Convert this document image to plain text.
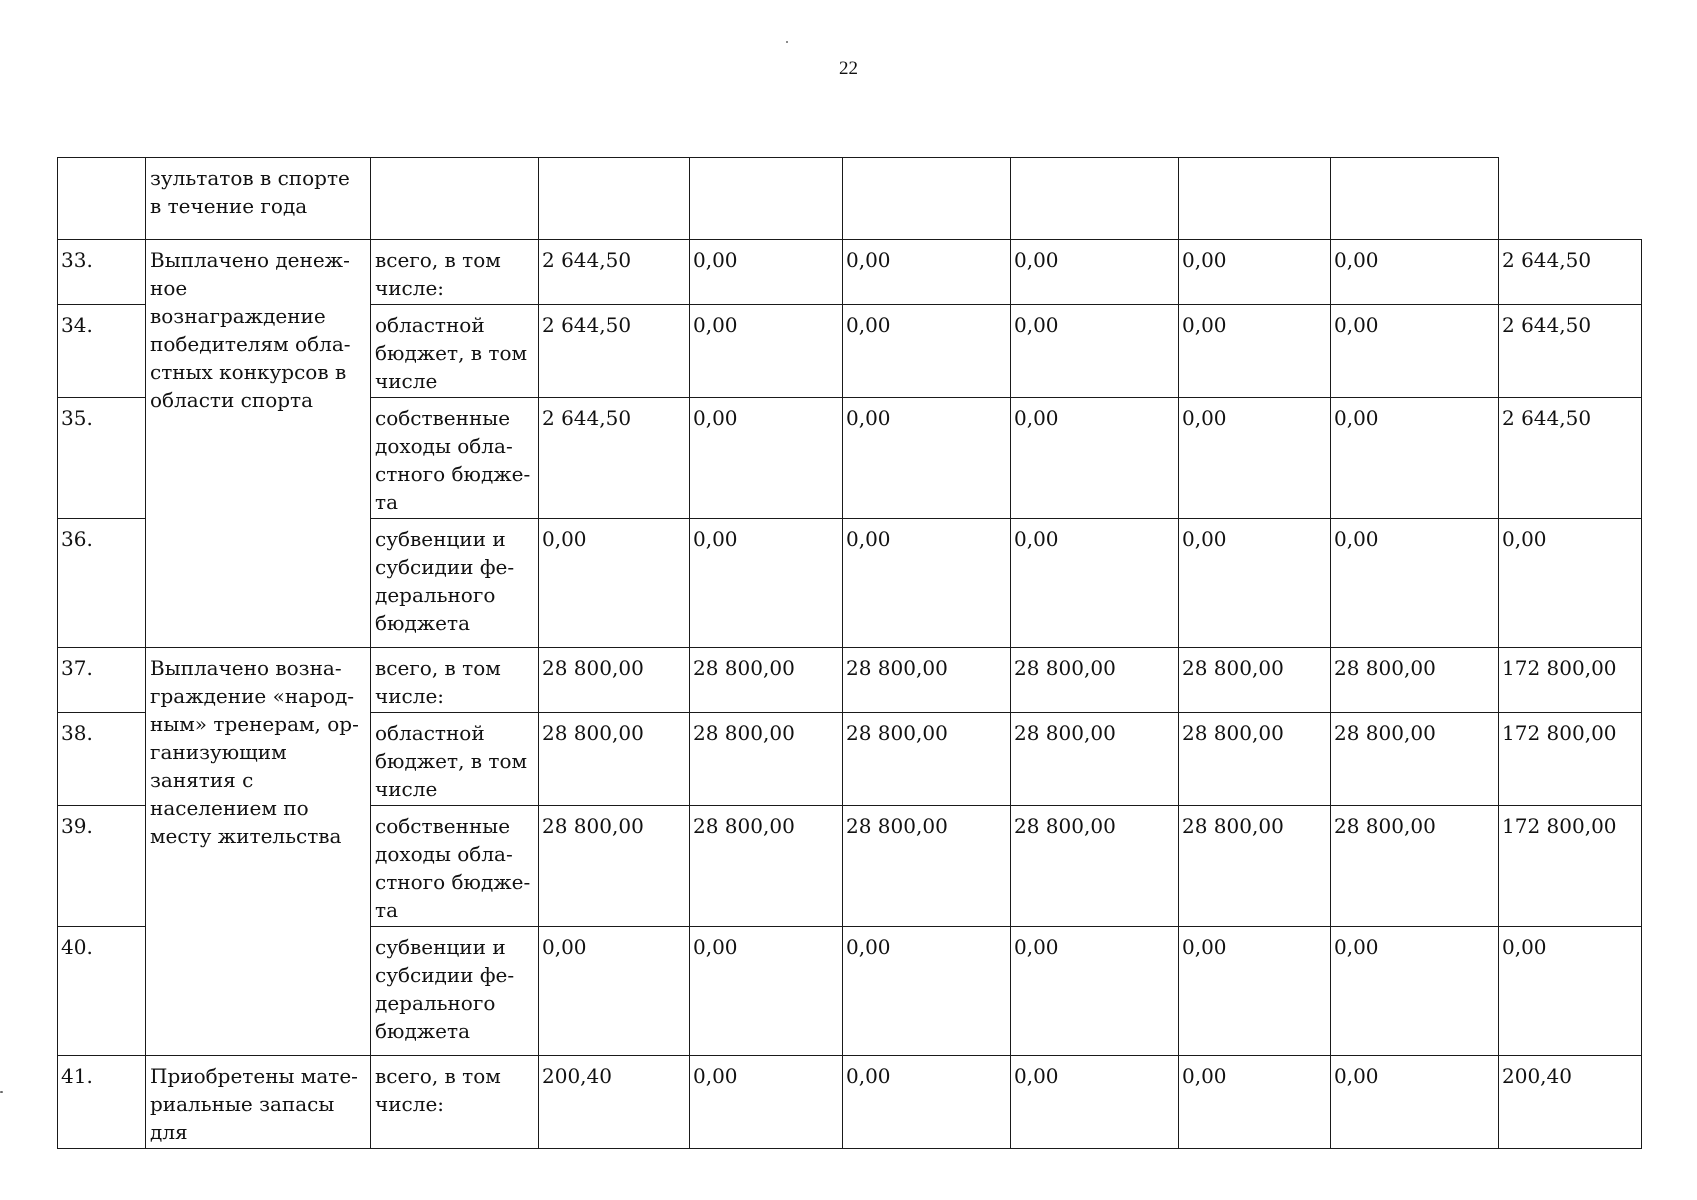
22
	зультатов в спорте в течение года								
33.	Выплачено денеж-ное вознаграждение победителям обла-стных конкурсов в области спорта	всего, в том числе:	2 644,50	0,00	0,00	0,00	0,00	0,00	2 644,50
34.		областной бюджет, в том числе	2 644,50	0,00	0,00	0,00	0,00	0,00	2 644,50
35.		собственные доходы обла-стного бюдже-та	2 644,50	0,00	0,00	0,00	0,00	0,00	2 644,50
36.		субвенции и субсидии фе-дерального бюджета	0,00	0,00	0,00	0,00	0,00	0,00	0,00
37.	Выплачено возна-граждение «народ-ным» тренерам, ор-ганизующим занятия с населением по месту жительства	всего, в том числе:	28 800,00	28 800,00	28 800,00	28 800,00	28 800,00	28 800,00	172 800,00
38.		областной бюджет, в том числе	28 800,00	28 800,00	28 800,00	28 800,00	28 800,00	28 800,00	172 800,00
39.		собственные доходы обла-стного бюдже-та	28 800,00	28 800,00	28 800,00	28 800,00	28 800,00	28 800,00	172 800,00
40.		субвенции и субсидии фе-дерального бюджета	0,00	0,00	0,00	0,00	0,00	0,00	0,00
41.	Приобретены мате-риальные запасы для	всего, в том числе:	200,40	0,00	0,00	0,00	0,00	0,00	200,40
